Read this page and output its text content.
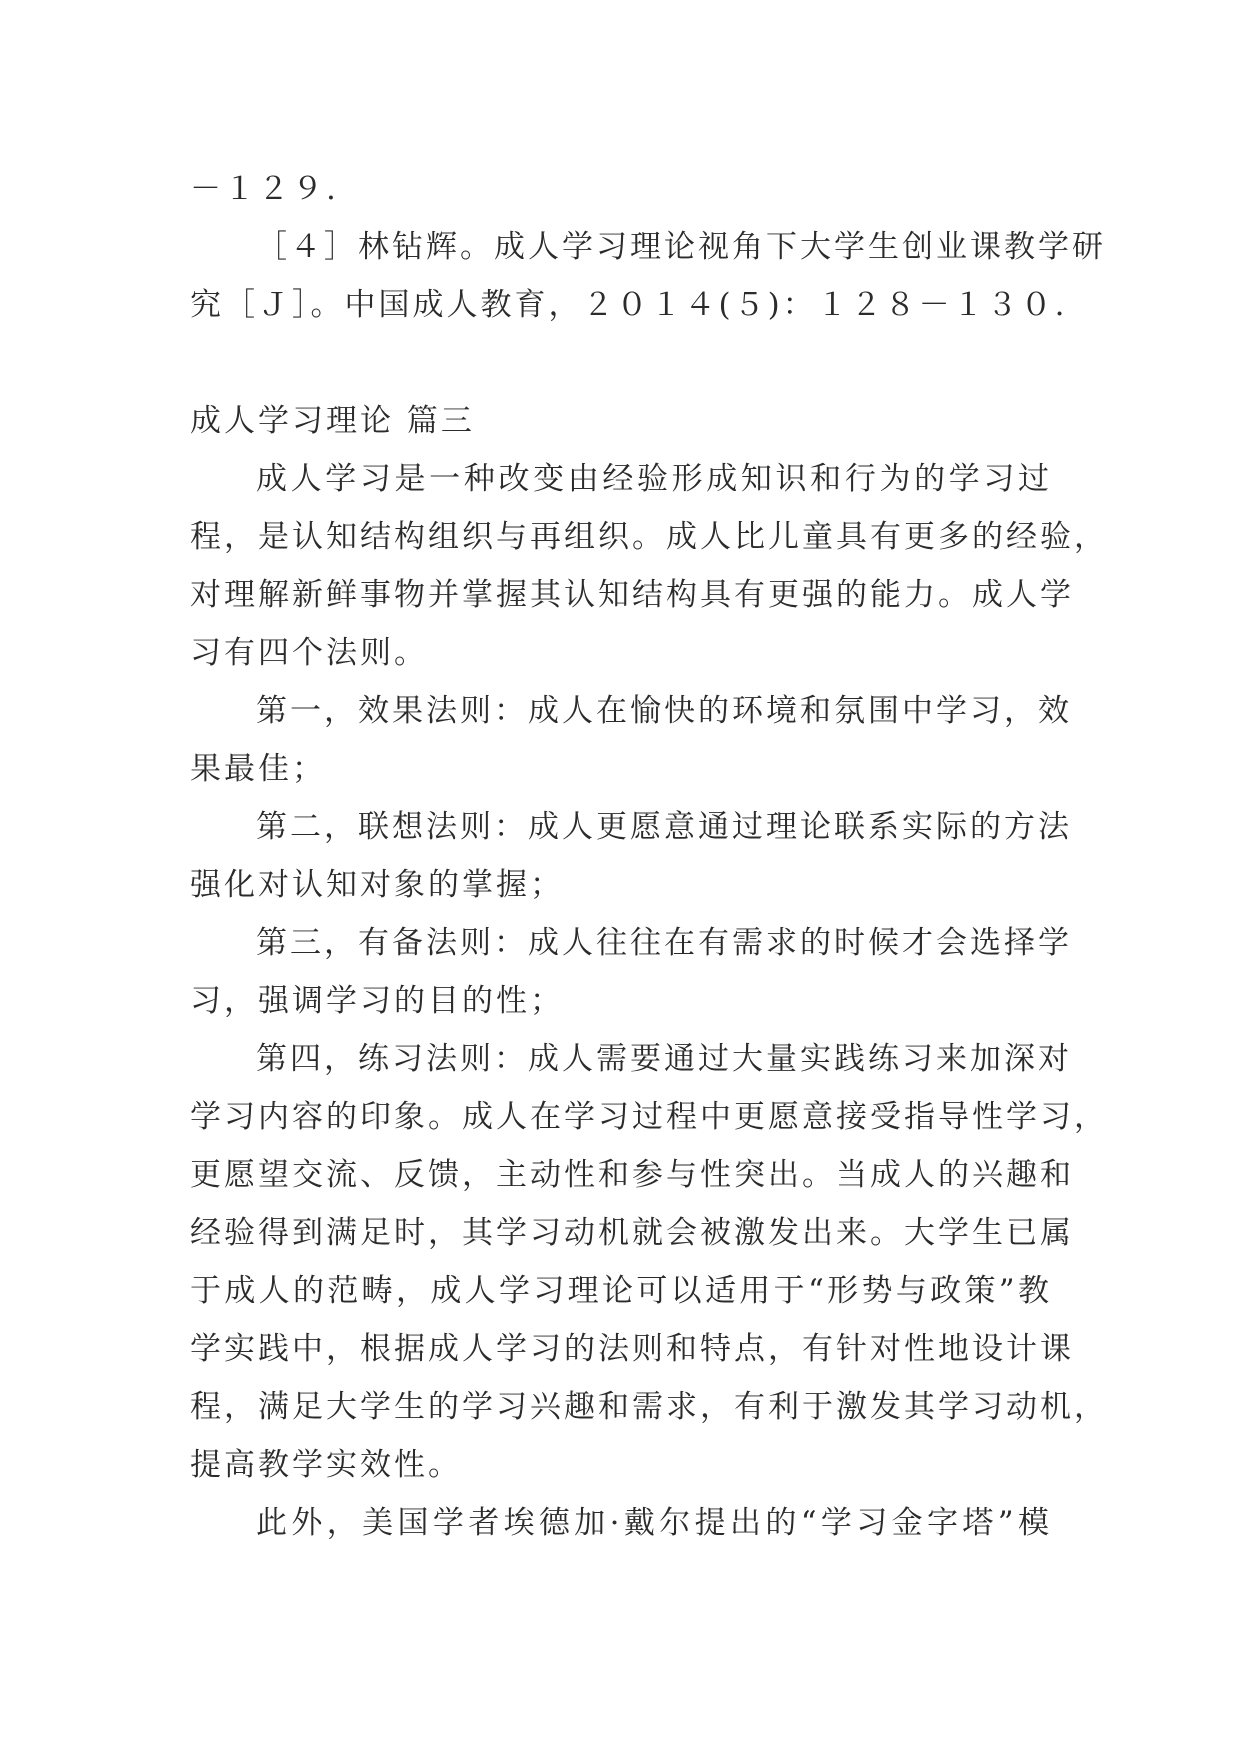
－１２９.
［４］林钻辉。成人学习理论视角下大学生创业课教学研
究［Ｊ］。中国成人教育，２０１４(５)：１２８－１３０.
成人学习理论 篇三
成人学习是一种改变由经验形成知识和行为的学习过
程，是认知结构组织与再组织。成人比儿童具有更多的经验，
对理解新鲜事物并掌握其认知结构具有更强的能力。成人学
习有四个法则。
第一，效果法则：成人在愉快的环境和氛围中学习，效
果最佳；
第二，联想法则：成人更愿意通过理论联系实际的方法
强化对认知对象的掌握；
第三，有备法则：成人往往在有需求的时候才会选择学
习，强调学习的目的性；
第四，练习法则：成人需要通过大量实践练习来加深对
学习内容的印象。成人在学习过程中更愿意接受指导性学习，
更愿望交流、反馈，主动性和参与性突出。当成人的兴趣和
经验得到满足时，其学习动机就会被激发出来。大学生已属
于成人的范畴，成人学习理论可以适用于“形势与政策”教
学实践中，根据成人学习的法则和特点，有针对性地设计课
程，满足大学生的学习兴趣和需求，有利于激发其学习动机，
提高教学实效性。
此外，美国学者埃德加·戴尔提出的“学习金字塔”模
